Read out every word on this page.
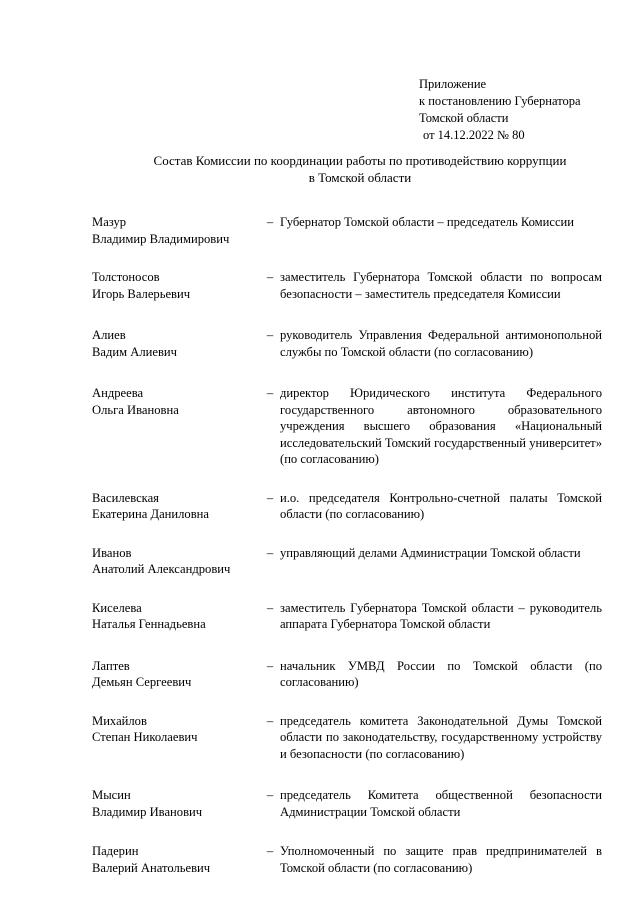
Приложение
к постановлению Губернатора
Томской области
от 14.12.2022 № 80
Состав Комиссии по координации работы по противодействию коррупции
в Томской области
Мазур
Владимир Владимирович
– Губернатор Томской области – председатель Комиссии
Толстоносов
Игорь Валерьевич
– заместитель Губернатора Томской области по вопросам безопасности – заместитель председателя Комиссии
Алиев
Вадим Алиевич
– руководитель Управления Федеральной антимонопольной службы по Томской области (по согласованию)
Андреева
Ольга Ивановна
– директор Юридического института Федерального государственного автономного образовательного учреждения высшего образования «Национальный исследовательский Томский государственный университет» (по согласованию)
Василевская
Екатерина Даниловна
– и.о. председателя Контрольно-счетной палаты Томской области (по согласованию)
Иванов
Анатолий Александрович
– управляющий делами Администрации Томской области
Киселева
Наталья Геннадьевна
– заместитель Губернатора Томской области – руководитель аппарата Губернатора Томской области
Лаптев
Демьян Сергеевич
– начальник УМВД России по Томской области (по согласованию)
Михайлов
Степан Николаевич
– председатель комитета Законодательной Думы Томской области по законодательству, государственному устройству и безопасности (по согласованию)
Мысин
Владимир Иванович
– председатель Комитета общественной безопасности Администрации Томской области
Падерин
Валерий Анатольевич
– Уполномоченный по защите прав предпринимателей в Томской области (по согласованию)
